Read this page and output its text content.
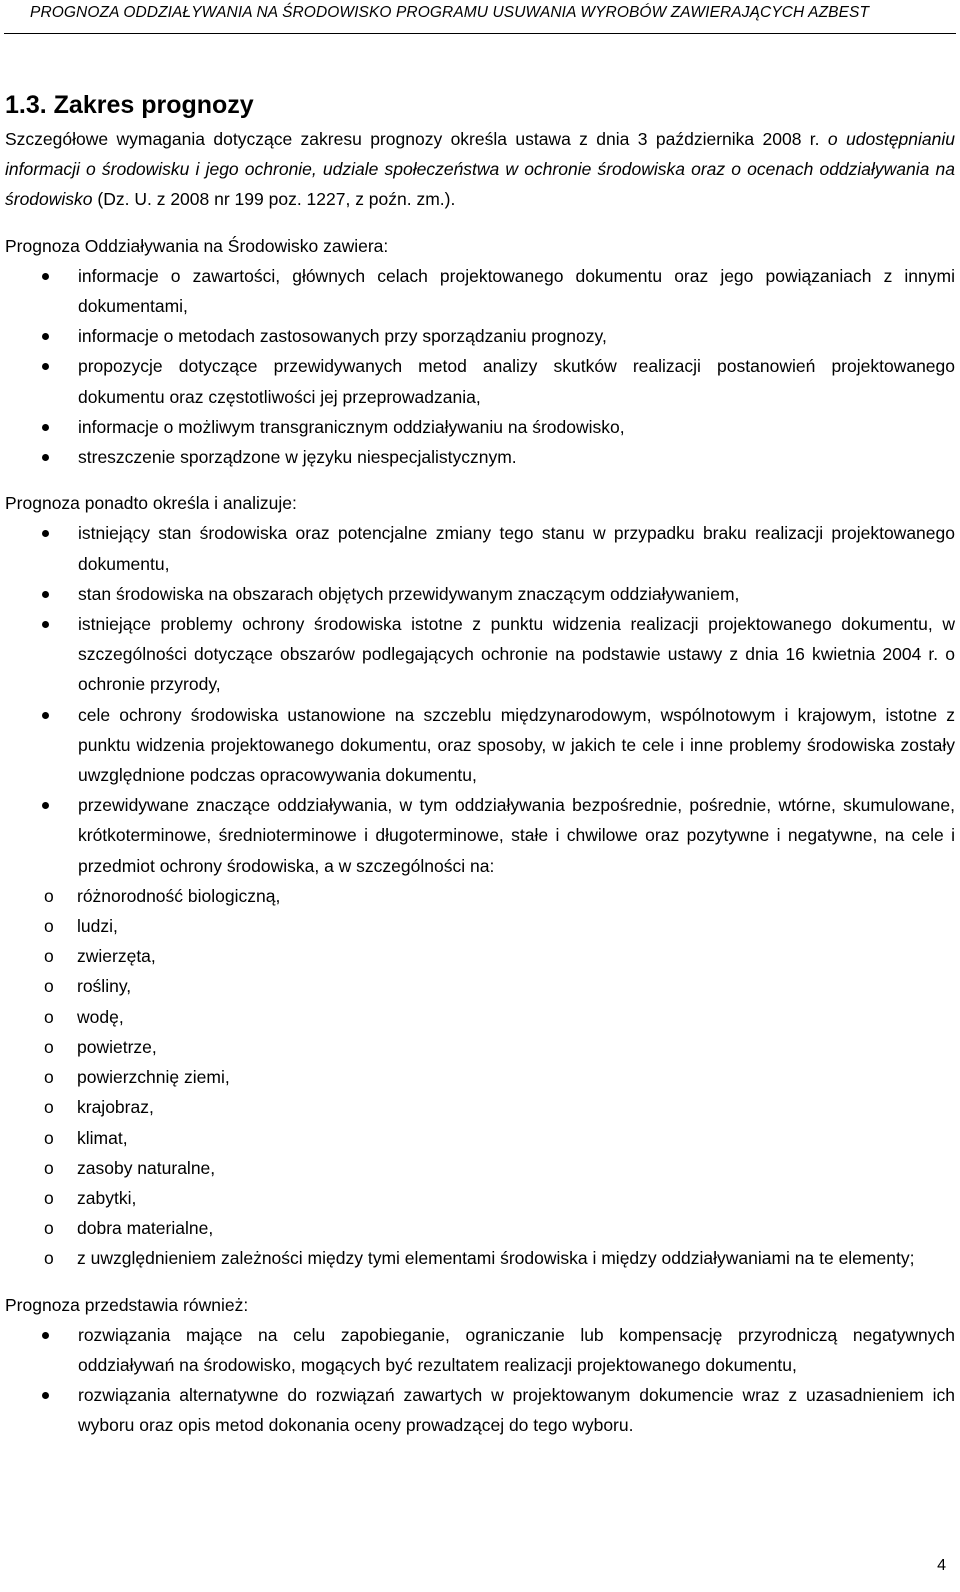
PROGNOZA ODDZIAŁYWANIA NA ŚRODOWISKO PROGRAMU USUWANIA WYROBÓW ZAWIERAJĄCYCH AZBEST
1.3. Zakres prognozy

Szczegółowe wymagania dotyczące zakresu prognozy określa ustawa z dnia 3 października 2008 r. o udostępnianiu informacji o środowisku i jego ochronie, udziale społeczeństwa w ochronie środowiska oraz o ocenach oddziaływania na środowisko (Dz. U. z 2008 nr 199 poz. 1227, z poźn. zm.).

Prognoza Oddziaływania na Środowisko zawiera:

informacje o zawartości, głównych celach projektowanego dokumentu oraz jego powiązaniach z innymi dokumentami,
informacje o metodach zastosowanych przy sporządzaniu prognozy,
propozycje dotyczące przewidywanych metod analizy skutków realizacji postanowień projektowanego dokumentu oraz częstotliwości jej przeprowadzania,
informacje o możliwym transgranicznym oddziaływaniu na środowisko,
streszczenie sporządzone w języku niespecjalistycznym.

Prognoza ponadto określa i analizuje:

istniejący stan środowiska oraz potencjalne zmiany tego stanu w przypadku braku realizacji projektowanego dokumentu,
stan środowiska na obszarach objętych przewidywanym znaczącym oddziaływaniem,
istniejące problemy ochrony środowiska istotne z punktu widzenia realizacji projektowanego dokumentu, w szczególności dotyczące obszarów podlegających ochronie na podstawie ustawy z dnia 16 kwietnia 2004 r. o ochronie przyrody,
cele ochrony środowiska ustanowione na szczeblu międzynarodowym, wspólnotowym i krajowym, istotne z punktu widzenia projektowanego dokumentu, oraz sposoby, w jakich te cele i inne problemy środowiska zostały uwzględnione podczas opracowywania dokumentu,
przewidywane znaczące oddziaływania, w tym oddziaływania bezpośrednie, pośrednie, wtórne, skumulowane, krótkoterminowe, średnioterminowe i długoterminowe, stałe i chwilowe oraz pozytywne i negatywne, na cele i przedmiot ochrony środowiska, a w szczególności na:
o różnorodność biologiczną,
o ludzi,
o zwierzęta,
o rośliny,
o wodę,
o powietrze,
o powierzchnię ziemi,
o krajobraz,
o klimat,
o zasoby naturalne,
o zabytki,
o dobra materialne,
o z uwzględnieniem zależności między tymi elementami środowiska i między oddziaływaniami na te elementy;

Prognoza przedstawia również:

rozwiązania mające na celu zapobieganie, ograniczanie lub kompensację przyrodniczą negatywnych oddziaływań na środowisko, mogących być rezultatem realizacji projektowanego dokumentu,
rozwiązania alternatywne do rozwiązań zawartych w projektowanym dokumencie wraz z uzasadnieniem ich wyboru oraz opis metod dokonania oceny prowadzącej do tego wyboru.
4
